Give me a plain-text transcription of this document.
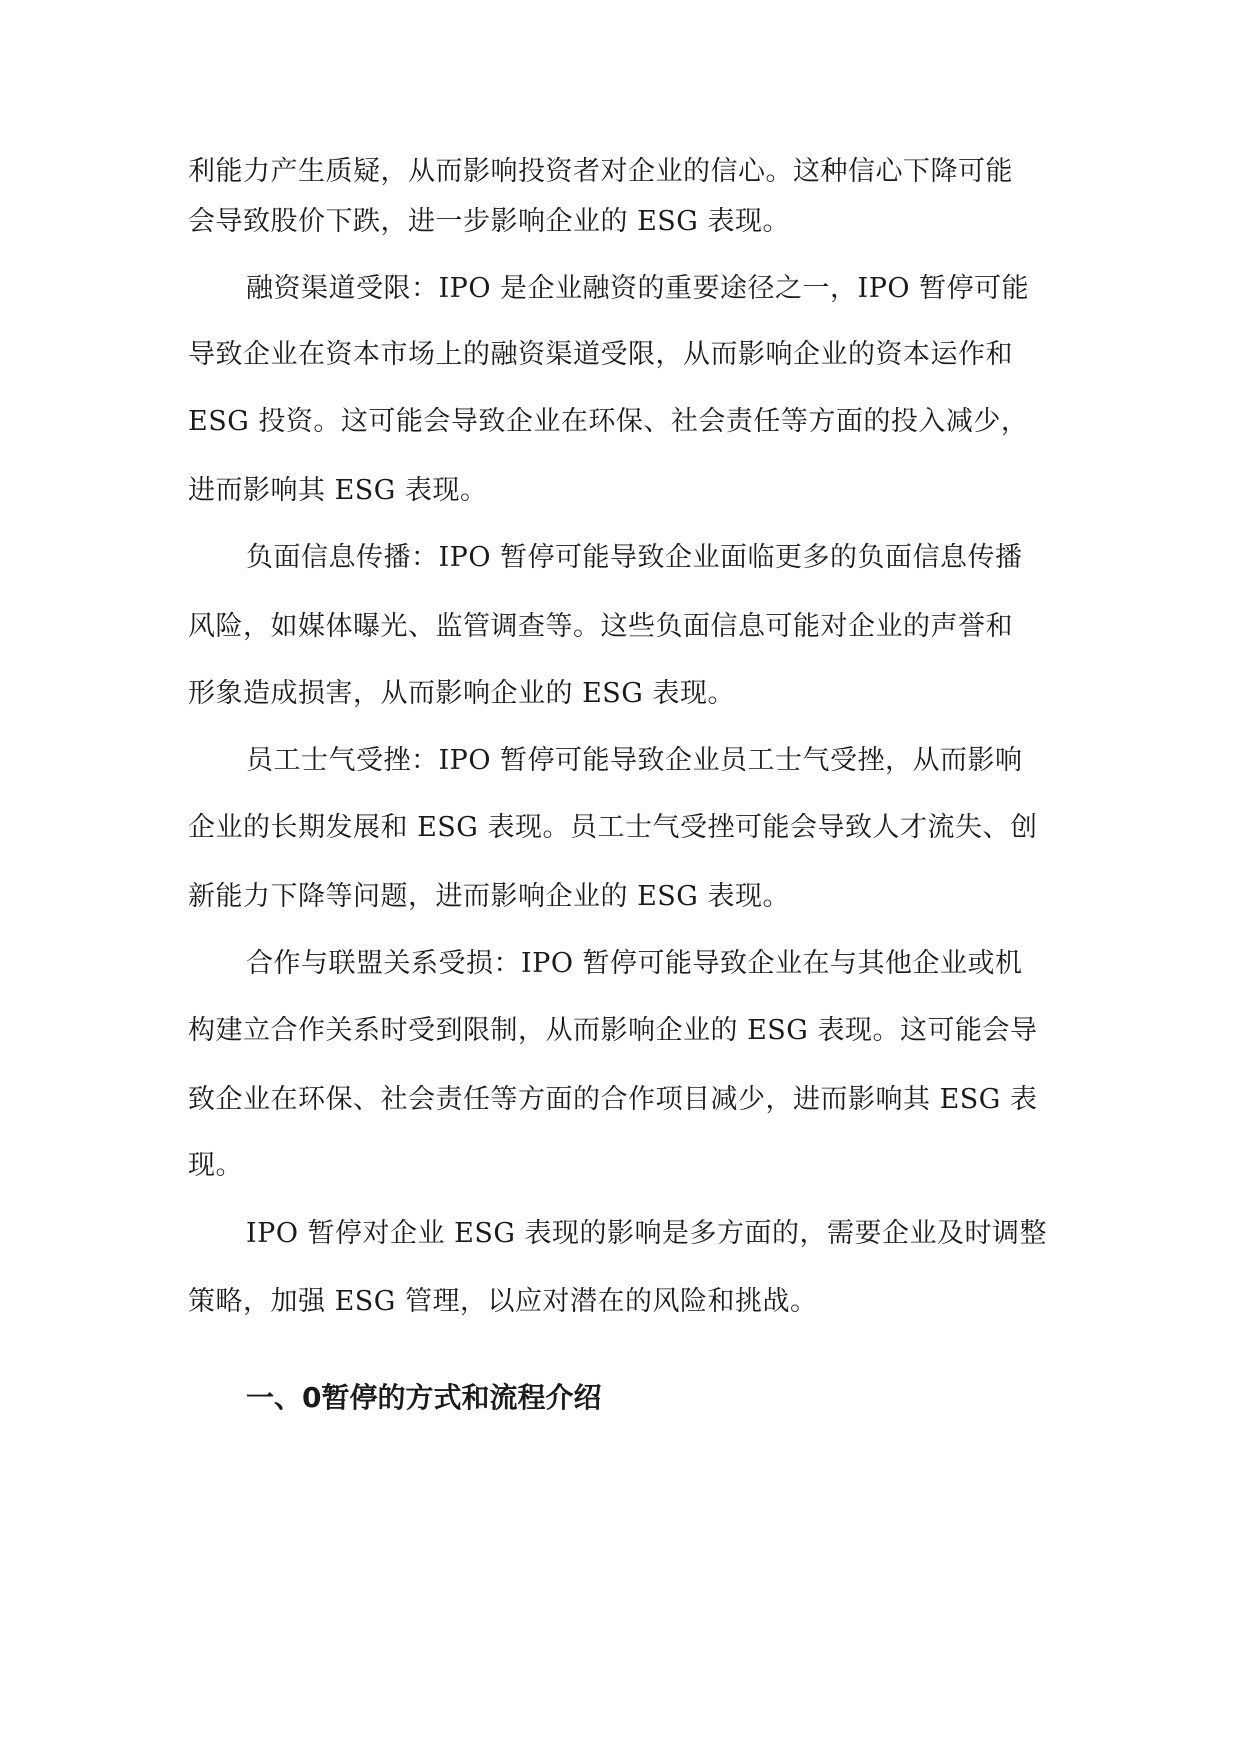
利能力产生质疑，从而影响投资者对企业的信心。这种信心下降可能
会导致股价下跌，进一步影响企业的 ESG 表现。
融资渠道受限：IPO 是企业融资的重要途径之一，IPO 暂停可能
导致企业在资本市场上的融资渠道受限，从而影响企业的资本运作和
ESG 投资。这可能会导致企业在环保、社会责任等方面的投入减少，
进而影响其 ESG 表现。
负面信息传播：IPO 暂停可能导致企业面临更多的负面信息传播
风险，如媒体曝光、监管调查等。这些负面信息可能对企业的声誉和
形象造成损害，从而影响企业的 ESG 表现。
员工士气受挫：IPO 暂停可能导致企业员工士气受挫，从而影响
企业的长期发展和 ESG 表现。员工士气受挫可能会导致人才流失、创
新能力下降等问题，进而影响企业的 ESG 表现。
合作与联盟关系受损：IPO 暂停可能导致企业在与其他企业或机
构建立合作关系时受到限制，从而影响企业的 ESG 表现。这可能会导
致企业在环保、社会责任等方面的合作项目减少，进而影响其 ESG 表
现。
IPO 暂停对企业 ESG 表现的影响是多方面的，需要企业及时调整
策略，加强 ESG 管理，以应对潜在的风险和挑战。
一、0暂停的方式和流程介绍
